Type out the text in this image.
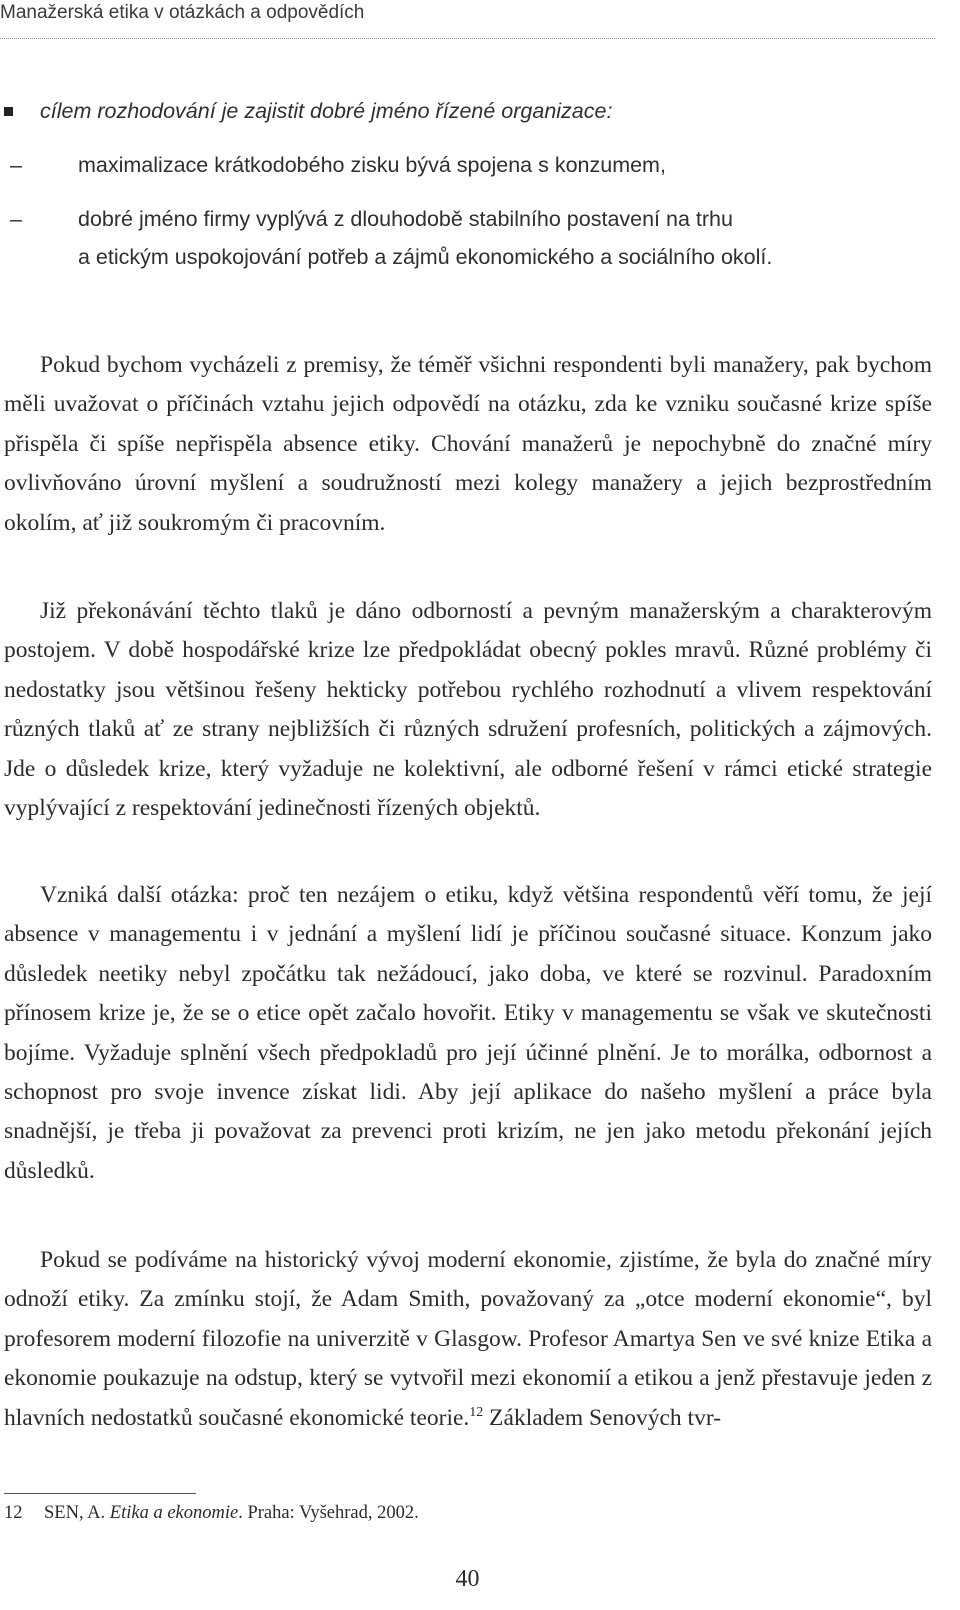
Manažerská etika v otázkách a odpovědích
cílem rozhodování je zajistit dobré jméno řízené organizace:
–	maximalizace krátkodobého zisku bývá spojena s konzumem,
–	dobré jméno firmy vyplývá z dlouhodobě stabilního postavení na trhu
a etickým uspokojování potřeb a zájmů ekonomického a sociálního okolí.

Pokud bychom vycházeli z premisy, že téměř všichni respondenti byli manažery, pak bychom měli uvažovat o příčinách vztahu jejich odpovědí na otázku, zda ke vzniku současné krize spíše přispěla či spíše nepřispěla absence etiky. Chování manažerů je nepochybně do značné míry ovlivňováno úrovní myšlení a soudružností mezi kolegy manažery a jejich bezprostředním okolím, ať již soukromým či pracovním.

Již překonávání těchto tlaků je dáno odborností a pevným manažerským a charakterovým postojem. V době hospodářské krize lze předpokládat obecný pokles mravů. Různé problémy či nedostatky jsou většinou řešeny hekticky potřebou rychlého rozhodnutí a vlivem respektování různých tlaků ať ze strany nejbližších či různých sdružení profesních, politických a zájmových. Jde o důsledek krize, který vyžaduje ne kolektivní, ale odborné řešení v rámci etické strategie vyplývající z respektování jedinečnosti řízených objektů.

Vzniká další otázka: proč ten nezájem o etiku, když většina respondentů věří tomu, že její absence v managementu i v jednání a myšlení lidí je příčinou současné situace. Konzum jako důsledek neetiky nebyl zpočátku tak nežádoucí, jako doba, ve které se rozvinul. Paradoxním přínosem krize je, že se o etice opět začalo hovořit. Etiky v managementu se však ve skutečnosti bojíme. Vyžaduje splnění všech předpokladů pro její účinné plnění. Je to morálka, odbornost a schopnost pro svoje invence získat lidi. Aby její aplikace do našeho myšlení a práce byla snadnější, je třeba ji považovat za prevenci proti krizím, ne jen jako metodu překonání jejích důsledků.

Pokud se podíváme na historický vývoj moderní ekonomie, zjistíme, že byla do značné míry odnoží etiky. Za zmínku stojí, že Adam Smith, považovaný za „otce moderní ekonomie“, byl profesorem moderní filozofie na univerzitě v Glasgow. Profesor Amartya Sen ve své knize Etika a ekonomie poukazuje na odstup, který se vytvořil mezi ekonomií a etikou a jenž přestavuje jeden z hlavních nedostatků současné ekonomické teorie.$^{12}$ Základem Senových tvr-

12 SEN, A. Etika a ekonomie. Praha: Vyšehrad, 2002.
40
